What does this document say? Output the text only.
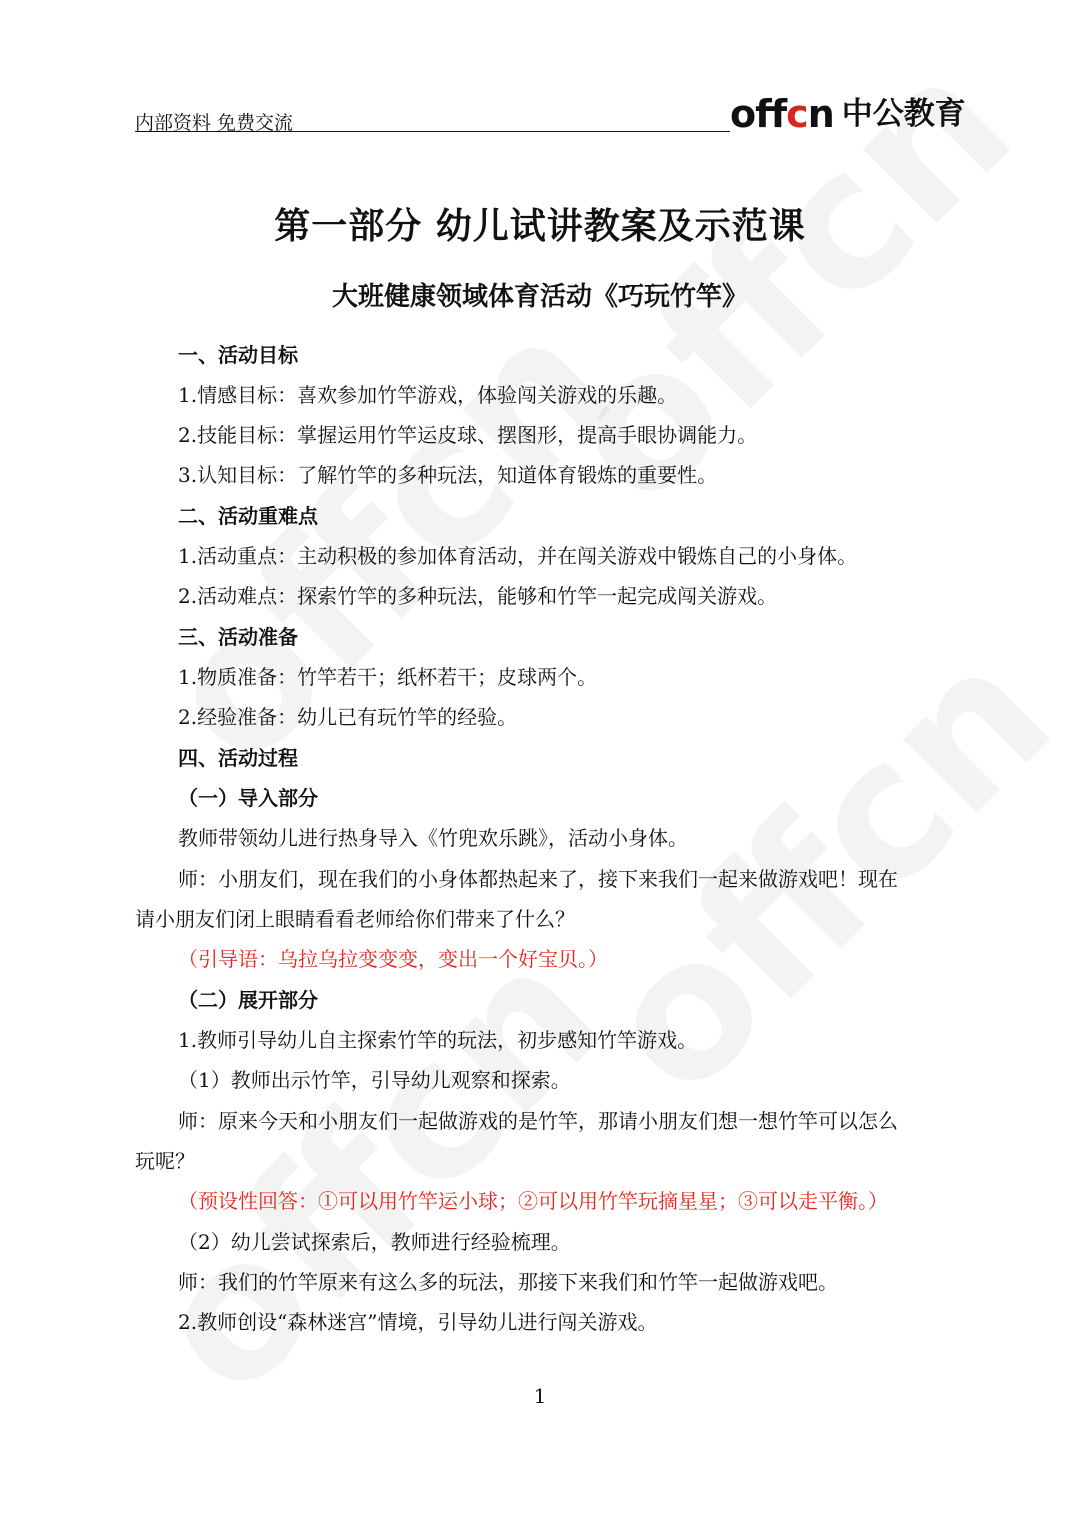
内部资料 免费交流	offcn 中公教育
第一部分 幼儿试讲教案及示范课
大班健康领域体育活动《巧玩竹竿》
一、活动目标
1.情感目标：喜欢参加竹竿游戏，体验闯关游戏的乐趣。
2.技能目标：掌握运用竹竿运皮球、摆图形，提高手眼协调能力。
3.认知目标：了解竹竿的多种玩法，知道体育锻炼的重要性。
二、活动重难点
1.活动重点：主动积极的参加体育活动，并在闯关游戏中锻炼自己的小身体。
2.活动难点：探索竹竿的多种玩法，能够和竹竿一起完成闯关游戏。
三、活动准备
1.物质准备：竹竿若干；纸杯若干；皮球两个。
2.经验准备：幼儿已有玩竹竿的经验。
四、活动过程
（一）导入部分
教师带领幼儿进行热身导入《竹兜欢乐跳》，活动小身体。
师：小朋友们，现在我们的小身体都热起来了，接下来我们一起来做游戏吧！现在
请小朋友们闭上眼睛看看老师给你们带来了什么？
（引导语：乌拉乌拉变变变，变出一个好宝贝。）
（二）展开部分
1.教师引导幼儿自主探索竹竿的玩法，初步感知竹竿游戏。
（1）教师出示竹竿，引导幼儿观察和探索。
师：原来今天和小朋友们一起做游戏的是竹竿，那请小朋友们想一想竹竿可以怎么
玩呢？
（预设性回答：①可以用竹竿运小球；②可以用竹竿玩摘星星；③可以走平衡。）
（2）幼儿尝试探索后，教师进行经验梳理。
师：我们的竹竿原来有这么多的玩法，那接下来我们和竹竿一起做游戏吧。
2.教师创设“森林迷宫”情境，引导幼儿进行闯关游戏。
1
